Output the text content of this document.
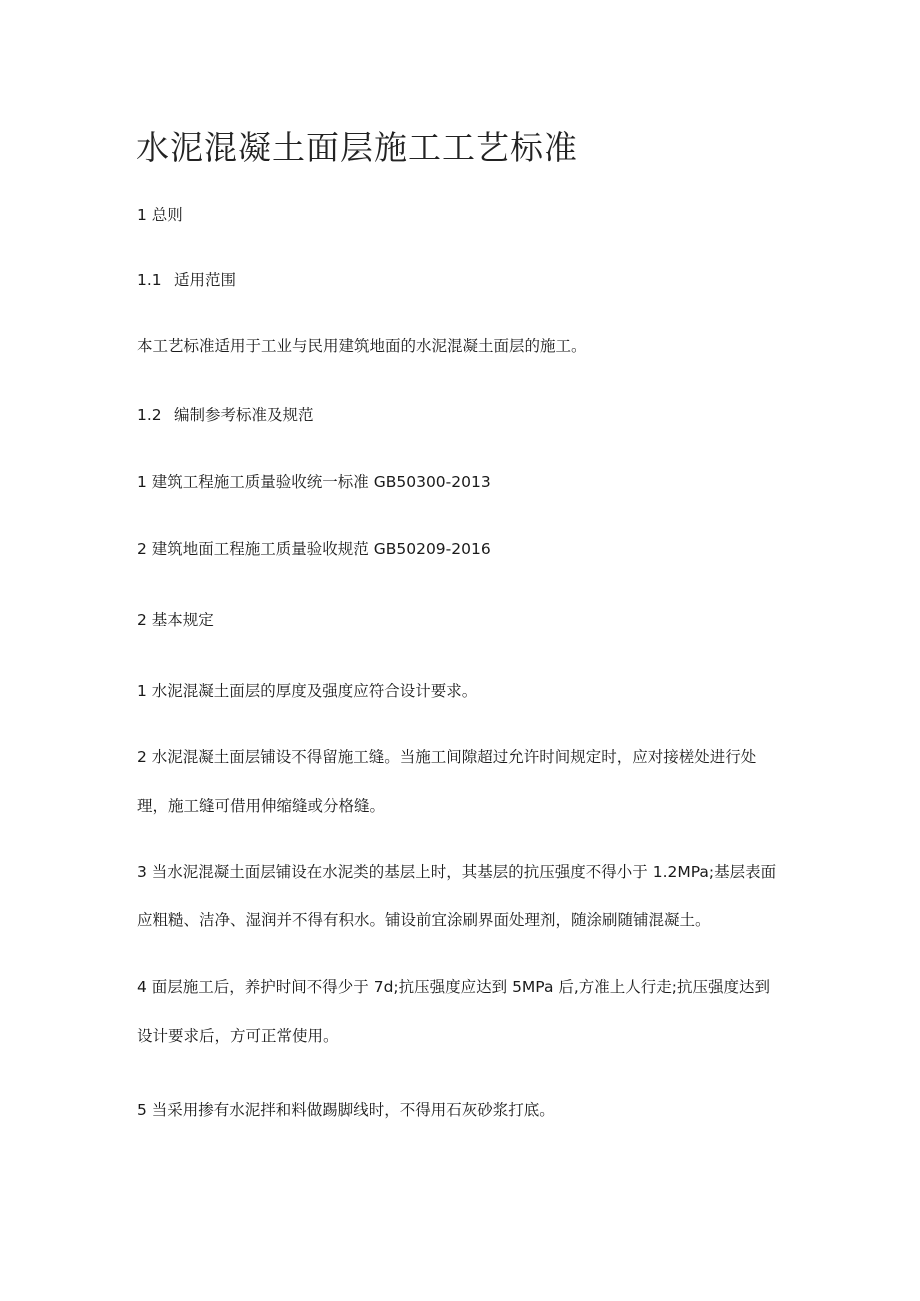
水泥混凝土面层施工工艺标准
1 总则
1.1 适用范围
本工艺标准适用于工业与民用建筑地面的水泥混凝土面层的施工。
1.2 编制参考标准及规范
1 建筑工程施工质量验收统一标准 GB50300-2013
2 建筑地面工程施工质量验收规范 GB50209-2016
2 基本规定
1 水泥混凝土面层的厚度及强度应符合设计要求。
2 水泥混凝土面层铺设不得留施工缝。当施工间隙超过允许时间规定时，应对接槎处进行处
理，施工缝可借用伸缩缝或分格缝。
3 当水泥混凝土面层铺设在水泥类的基层上时，其基层的抗压强度不得小于 1.2MPa;基层表面
应粗糙、洁净、湿润并不得有积水。铺设前宜涂刷界面处理剂，随涂刷随铺混凝土。
4 面层施工后，养护时间不得少于 7d;抗压强度应达到 5MPa 后,方准上人行走;抗压强度达到
设计要求后，方可正常使用。
5 当采用掺有水泥拌和料做踢脚线时，不得用石灰砂浆打底。
